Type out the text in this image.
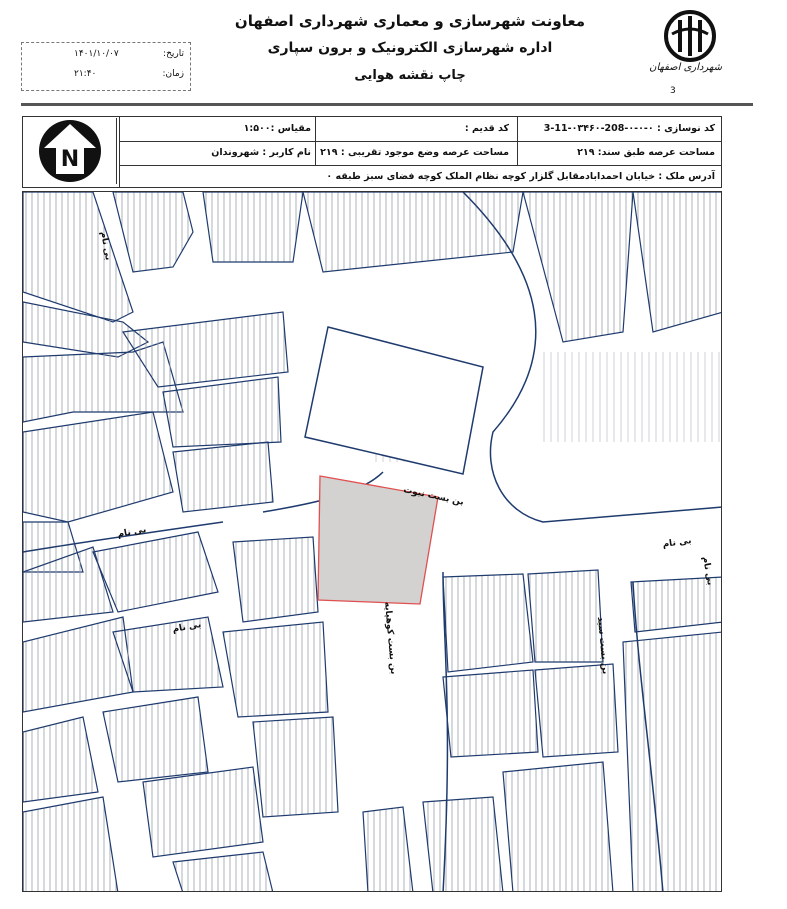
معاونت شهرسازی و معماری شهرداری اصفهان
اداره شهرسازی الکترونیک و برون سپاری
چاپ نقشه هوایی
شهرداری اصفهان
3
تاریخ:
۱۴۰۱/۱۰/۰۷
زمان:
۲۱:۴۰
کد نوسازی : ۰-۰-۰-208-۰۳۴۶۰-11-3
کد قدیم :
مقیاس :۱:۵۰۰
مساحت عرصه طبق سند: ۲۱۹
مساحت عرصه وضع موجود تقریبی : ۲۱۹
نام کاربر : شهروندان
آدرس ملک : خیابان احمدابادمقابل گلزار کوچه نظام الملک کوچه فضای سبز طبقه ۰
N
بی نام
بی نام
بن بست نبوت
بی نام
بی نام
بی نام
بن بست کوهپایه	بن بست سید
